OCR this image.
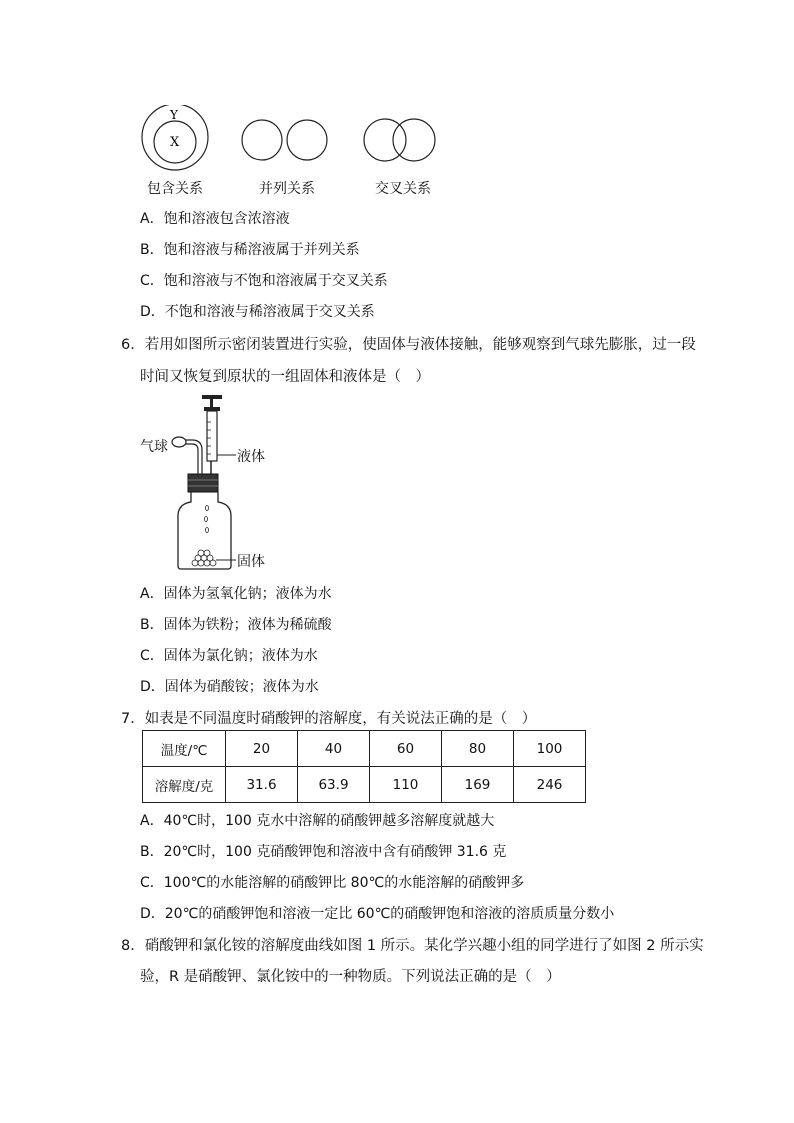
Y
X
包含关系	并列关系	交叉关系
A．饱和溶液包含浓溶液
B．饱和溶液与稀溶液属于并列关系
C．饱和溶液与不饱和溶液属于交叉关系
D．不饱和溶液与稀溶液属于交叉关系
6．若用如图所示密闭装置进行实验，使固体与液体接触，能够观察到气球先膨胀，过一段
时间又恢复到原状的一组固体和液体是（　）
气球
液体
固体
A．固体为氢氧化钠；液体为水
B．固体为铁粉；液体为稀硫酸
C．固体为氯化钠；液体为水
D．固体为硝酸铵；液体为水
7．如表是不同温度时硝酸钾的溶解度，有关说法正确的是（　）
温度/℃	20	40	60	80	100
溶解度/克	31.6	63.9	110	169	246
A．40℃时，100 克水中溶解的硝酸钾越多溶解度就越大
B．20℃时，100 克硝酸钾饱和溶液中含有硝酸钾 31.6 克
C．100℃的水能溶解的硝酸钾比 80℃的水能溶解的硝酸钾多
D．20℃的硝酸钾饱和溶液一定比 60℃的硝酸钾饱和溶液的溶质质量分数小
8．硝酸钾和氯化铵的溶解度曲线如图 1 所示。某化学兴趣小组的同学进行了如图 2 所示实
验，R 是硝酸钾、氯化铵中的一种物质。下列说法正确的是（　）
